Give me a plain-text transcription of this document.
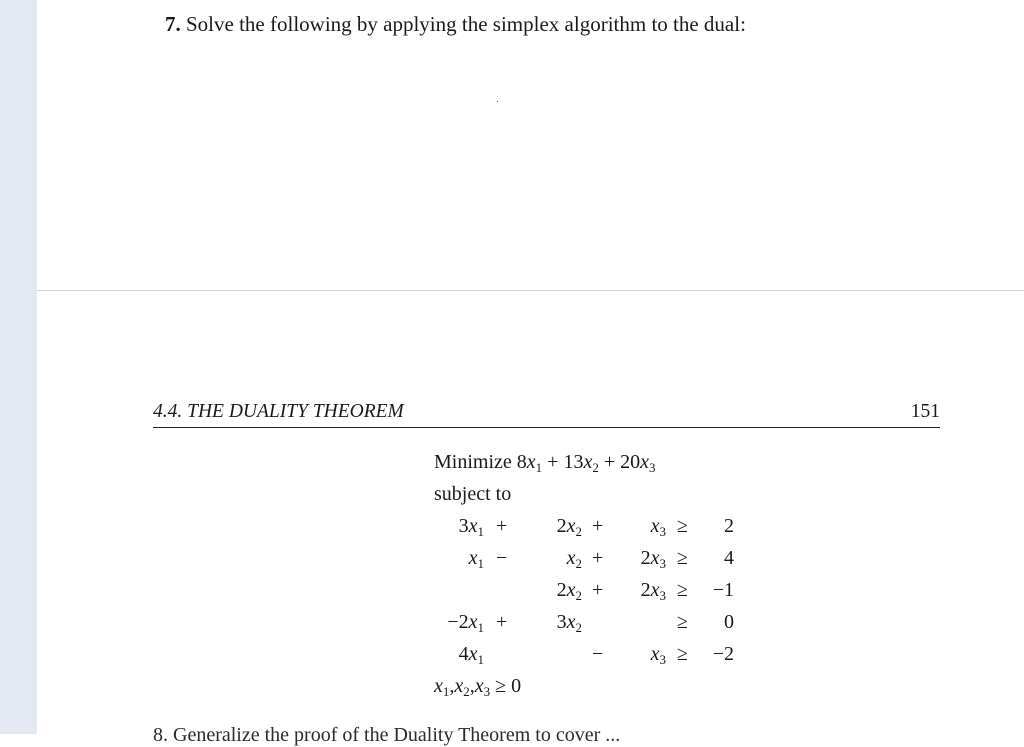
7. Solve the following by applying the simplex algorithm to the dual:
4.4. THE DUALITY THEOREM	151
Minimize $8x_1 + 13x_2 + 20x_3$
subject to
$3x_1 + 2x_2 + x_3 \ge 2$
$x_1$ −	$x_2 + 2x_3 \ge 4$
$2x_2 + 2x_3 \ge -1$
$-2x_1 + 3x_2$	≥ 0
$4x_1$	− $x_3 \ge -2$
$x_1,x_2,x_3 \ge 0$
8. Generalize the proof of the Duality Theorem to cover ...
